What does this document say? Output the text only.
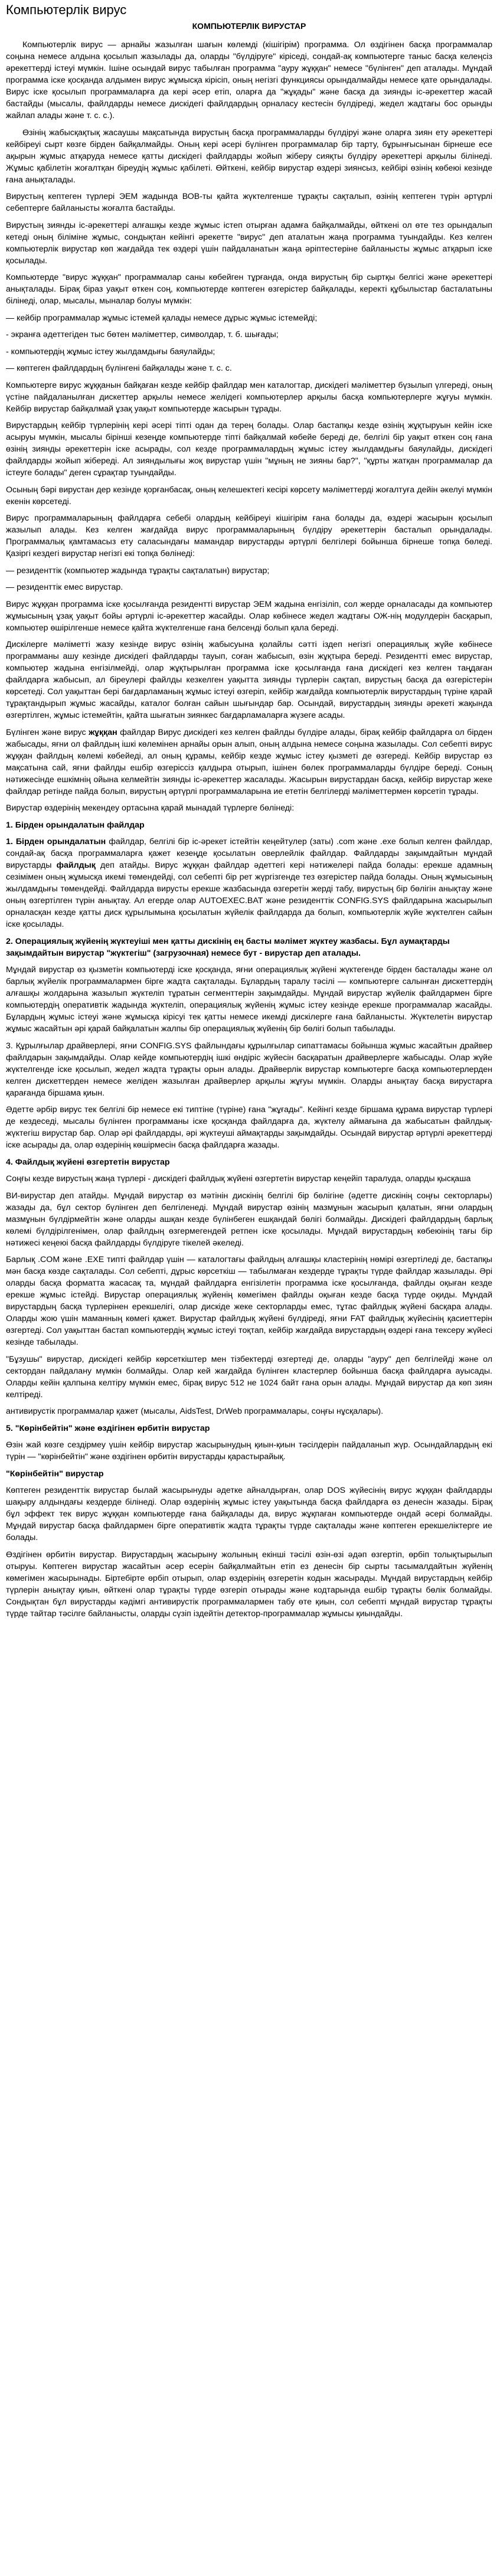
Компьютерлік вирус
КОМПЬЮТЕРЛІК ВИРУСТАР

Компьютерлік вирус — арнайы жазылған шағын көлемді (кішігірім) программа. Ол өздігінен басқа программалар соңына немесе алдына қосылып жазылады да, оларды "бүлдіруге" кіріседі, сондай-ақ компьютерге таныс басқа келеңсіз әрекеттерді істеуі мүмкін. Ішіне осындай вирус табылған программа "ауру жұққан" немесе "бүлінген" деп аталады. Мұндай программа іске қосқанда алдымен вирус жұмысқа кірісіп, оның негізгі функциясы орындалмайды немесе қате орындалады. Вирус іске қосылып программаларға да кері әсер етіп, оларға да "жұқады" және басқа да зиянды іс-әрекеттер жасай бастайды (мысалы, файлдарды немесе дискідегі файлдардың орналасу кестесін бүлдіреді, жедел жадтағы бос орынды жайлап алады және т. с. с.).

Өзінің жабысқақтық жасаушы мақсатында вирустың басқа программаларды бүлдіруі және оларға зиян ету әрекеттері кейбіреуі сырт көзге бірден байқалмайды. Оның кері әсері бүлінген программалар бір тарту, бұрынғысынан бірнеше есе ақырын жұмыс атқаруда немесе қатты дискідегі файлдарды жойып жіберу сияқты бүлдіру әрекеттері арқылы білінеді. Жұмыс қабілетін жоғалтқан біреудің жұмыс қабілеті. Өйткені, кейбір вирустар өздері зиянсыз, кейбірі өзінің көбеюі кезінде ғана анықталады.

Вирустың кептеген түрлері ЭЕМ жадында ВОВ-ты қайта жүктелгенше тұрақты сақталып, өзінің кептеген түрін әртүрлі себептерге байланысты жоғалта бастайды.

Вирустың зиянды іс-әрекеттері алғашқы кезде жұмыс істеп отырған адамға байқалмайды, өйткені ол өте тез орындалып кетеді оның біліміне жұмыс, сондықтан кейінгі әрекетте "вирус" деп аталатын жаңа программа туындайды. Кез келген компьютерлік вирустар көп жағдайда тек өздері үшін пайдаланатын жаңа әріптестеріне байланысты жұмыс атқарып іске қосылады.

Компьютерде "вирус жұққан" программалар саны көбейген тұрғанда, онда вирустың бір сыртқы белгісі және әрекеттері анықталады. Бірақ біраз уақыт өткен соң, компьютерде көптеген өзгерістер байқалады, керекті құбылыстар басталатыны білінеді, олар, мысалы, мыналар болуы мүмкін:

— кейбір программалар жұмыс істемей қалады немесе дұрыс жұмыс істемейді;

- экранға әдеттегіден тыс бөтен мәліметтер, символдар, т. б. шығады;

- компьютердің жұмыс істеу жылдамдығы баяулайды;

— көптеген файлдардың бүлінгені байқалады және т. с. с.

Компьютерге вирус жұққанын байқаған кезде кейбір файлдар мен каталогтар, дискідегі мәліметтер бүзылып үлгереді, оның үстіне пайдаланылған дискеттер арқылы немесе желідегі компьютерлер арқылы басқа компьютерлерге жұғуы мүмкін. Кейбір вирустар байқалмай ұзақ уақыт компьютерде жасырын тұрады.

Вирустардың кейбір түрлерінің кері әсері тіпті одан да терең болады. Олар бастапқы кезде өзінің жұқтыруын кейін іске асыруы мүмкін, мысалы бірінші кезеңде компьютерде тіпті байқалмай көбейе береді де, белгілі бір уақыт өткен соң ғана өзінің зиянды әрекеттерін іске асырады, сол кезде программалардың жұмыс істеу жылдамдығы баяулайды, дискідегі файлдарды жойып жібереді. Ал зияндылығы жоқ вирустар үшін "мұның не зияны бар?", "құрты жатқан программалар да істеуге болады" деген сұрақтар туындайды.

Осының бәрі вирустан дер кезінде қорғанбасақ, оның келешектегі кесірі көрсету мәліметтерді жоғалтуға дейін әкелуі мүмкін екенін көрсетеді.

Вирус программаларының файлдарға себебі олардың кейбіреуі кішігірім ғана болады да, өздері жасырын қосылып жазылып алады. Кез келген жағдайда вирус программаларының бүлдіру әрекеттерін басталып орындалады. Программалық қамтамасыз ету саласындағы мамандар вирустарды әртүрлі белгілері бойынша бірнеше топқа бөледі. Қазіргі кездегі вирустар негізгі екі топқа бөлінеді:

— резиденттік (компьютер жадында тұрақты сақталатын) вирустар;

— резиденттік емес вирустар.

Вирус жұққан программа іске қосылғанда резидентті вирустар ЭЕМ жадына енгізіліп, сол жерде орналасады да компьютер жұмысының ұзақ уақыт бойы әртүрлі іс-әрекеттер жасайды. Олар көбінесе жедел жадтағы ОЖ-нің модулдерін басқарып, компьютер өшірілгенше немесе қайта жүктелгенше ғана белсенді болып қала береді.

Дискілерге мәліметті жазу кезінде вирус өзінің жабысуына қолайлы сәтті іздеп негізгі операциялық жүйе көбінесе программаны ашу кезінде дискідегі файлдарды тауып, соған жабысып, өзін жұқтыра береді. Резидентті емес вирустар, компьютер жадына енгізілмейді, олар жұқтырылған программа іске қосылғанда ғана дискідегі кез келген таңдаған файлдарға жабысып, ал біреулері файлды кезкелген уақытта зиянды түрлерін сақтап, вирустың басқа да өзгерістерін көрсетеді. Сол уақыттан бері бағдарламаның жұмыс істеуі өзгеріп, кейбір жағдайда компьютерлік вирустардың түріне қарай тұрақтандырып жұмыс жасайды, каталог болған сайын шығындар бар. Осындай, вирустардың зиянды әрекеті жақында өзгертілген, жұмыс істемейтін, қайта шығатын зиянкес бағдарламаларға жүзеге асады.

Бүлінген және вирус жұққан файлдар Вирус дискідегі кез келген файлды бүлдіре алады, бірақ кейбір файлдарға ол бірден жабысады, яғни ол файлдың ішкі көлемінен арнайы орын алып, оның алдына немесе соңына жазылады. Сол себепті вирус жұққан файлдың көлемі көбейеді, ал оның құрамы, кейбір кезде жұмыс істеу қызметі де өзгереді. Кейбір вирустар өз мақсатына сай, яғни файлды ешбір өзгеріссіз қалдыра отырып, ішінен бөлек программаларды бүлдіре береді. Соның нәтижесінде ешкімнің ойына келмейтін зиянды іс-әрекеттер жасалады. Жасырын вирустардан басқа, кейбір вирустар жеке файлдар ретінде пайда болып, вирустың әртүрлі программаларына ие ететін белгілерді мәліметтермен көрсетіп тұрады.

Вирустар өздерінің мекендеу ортасына қарай мынадай түрлерге бөлінеді:

1. Бірден орындалатын файлдар

1. Бірден орындалатын файлдар, белгілі бір іс-әрекет істейтін кеңейтулер (заты) .com және .exe болып келген файлдар, сондай-ақ басқа программаларға қажет кезеңде қосылатын оверлейлік файлдар. Файлдарды зақымдайтын мұндай вирустарды файлдық деп атайды. Вирус жұққан файлдар әдеттегі кері нәтижелері пайда болады: ерекше адамның сезімімен оның жұмысқа икемі төмендейді, сол себепті бір рет жүргізгенде тез өзгерістер пайда болады. Оның жұмысының жылдамдығы төмендейді. Файлдарда вирусты ерекше жазбасында өзгеретін жерді табу, вирустың бір бөлігін анықтау және оның өзгертілген түрін анықтау. Ал егерде олар AUTOEXEC.BAT және резиденттік CONFIG.SYS файлдарына жасырылып орналасқан кезде қатты диск құрылымына қосылатын жүйелік файлдарда да болып, компьютерлік жүйе жүктелген сайын іске қосылады.

2. Операциялық жүйенің жүктеуіші мен қатты дискінің ең басты мәлімет жүктеу жазбасы. Бұл аумақтарды зақымдайтын вирустар "жүктегіш" (загрузочная) немесе бут - вирустар деп аталады.

Мұндай вирустар өз қызметін компьютерді іске қосқанда, яғни операциялық жүйені жүктегенде бірден басталады және ол барлық жүйелік программалармен бірге жадта сақталады. Бұлардың таралу тәсілі — компьютерге салынған дискеттердің алғашқы жолдарына жазылып жүктеліп тұратын сегменттерін зақымдайды. Мұндай вирустар жүйелік файлдармен бірге компьютердің оперативтік жадында жүктеліп, операциялық жүйенің жұмыс істеу кезінде ерекше программалар жасайды. Бұлардың жұмыс істеуі және жұмысқа кірісуі тек қатты немесе икемді дискілерге ғана байланысты. Жүктелетін вирустар жұмыс жасайтын әрі қарай байқалатын жалпы бір операциялық жүйенің бір бөлігі болып табылады.

3. Құрылғылар драйверлері, яғни CONFIG.SYS файлындағы құрылғылар сипаттамасы бойынша жұмыс жасайтын драйвер файлдарын зақымдайды. Олар кейде компьютердің ішкі өндіріс жүйесін басқаратын драйверлерге жабысады. Олар жүйе жүктелгенде іске қосылып, жедел жадта тұрақты орын алады. Драйверлік вирустар компьютерге басқа компьютерлерден келген дискеттерден немесе желіден жазылған драйверлер арқылы жұғуы мүмкін. Оларды анықтау басқа вирустарға қарағанда біршама қиын.

Әдетте әрбір вирус тек белгілі бір немесе екі типтіне (түріне) ғана "жұғады". Кейінгі кезде біршама құрама вирустар түрлері де кездеседі, мысалы бүлінген программаны іске қосқанда файлдарға да, жүктелу аймағына да жабысатын файлдық-жүктегіш вирустар бар. Олар әрі файлдарды, әрі жүктеуші аймақтарды зақымдайды. Осындай вирустар әртүрлі әрекеттерді іске асырады да, олар өздерінің көшірмесін басқа файлдарға жазады.

4. Файлдық жүйені өзгертетін вирустар

Соңғы кезде вирустың жаңа түрлері - дискідегі файлдық жүйені өзгертетін вирустар кеңейіп таралуда, оларды қысқаша

ВИ-вирустар деп атайды. Мұндай вирустар өз мәтінін дискінің белгілі бір бөлігіне (әдетте дискінің соңғы секторлары) жазады да, бұл сектор бүлінген деп белгіленеді. Мұндай вирустар өзінің мазмұнын жасырып қалатын, яғни олардың мазмұнын бүлдірмейтін және оларды ашқан кезде бүлінбеген ешқандай бөлігі болмайды. Дискідегі файлдардың барлық көлемі бүлдірілгенімен, олар файлдың өзгермегендей ретпен іске қосылады. Мұндай вирустардың көбеюінің тағы бір нәтижесі кеңеюі басқа файлдарды бүлдіруге тікелей әкеледі.

Барлық .COM және .EXE типті файлдар үшін — каталогтағы файлдың алғашқы кластерінің нөмірі өзгертіледі де, бастапқы мән басқа көзде сақталады. Сол себепті, дұрыс көрсеткіш — табылмаған кездерде тұрақты түрде файлдар жазылады. Әрі оларды басқа форматта жасасақ та, мұндай файлдарға енгізілетін программа іске қосылғанда, файлды оқыған кезде ерекше жұмыс істейді. Вирустар операциялық жүйенің көмегімен файлды оқыған кезде басқа түрде оқиды. Мұндай вирустардың басқа түрлерінен ерекшелігі, олар дискіде жеке секторларды емес, тұтас файлдық жүйені басқара алады. Оларды жою үшін маманның көмегі қажет. Вирустар файлдық жүйені бүлдіреді, яғни FAT файлдық жүйесінің қасиеттерін өзгертеді. Сол уақыттан бастап компьютердің жұмыс істеуі тоқтап, кейбір жағдайда вирустардың өздері ғана тексеру жүйесі кезінде табылады.

"Бұзушы" вирустар, дискідегі кейбір көрсеткіштер мен тізбектерді өзгертеді де, оларды "ауру" деп белгілейді және ол сектордан пайдалану мүмкін болмайды. Олар кей жағдайда бүлінген кластерлер бойынша басқа файлдарға ауысады. Оларды кейін қалпына келтіру мүмкін емес, бірақ вирус 512 не 1024 байт ғана орын алады. Мұндай вирустар да көп зиян келтіреді.

антивирустік программалар қажет (мысалы, AidsTest, DrWeb программалары, соңғы нұсқалары).

5. "Көрінбейтін" және өздігінен өрбитін вирустар

Өзін жай көзге сездірмеу үшін кейбір вирустар жасырынудың қиын-қиын тәсілдерін пайдаланып жүр. Осындайлардың екі түрін — "көрінбейтін" және өздігінен өрбитін вирустарды қарастырайық.

"Көрінбейтін" вирустар

Көптеген резиденттік вирустар былай жасырынуды әдетке айналдырған, олар DOS жүйесінің вирус жұққан файлдарды шақыру алдындағы кездерде білінеді. Олар өздерінің жұмыс істеу уақытында басқа файлдарға өз денесін жазады. Бірақ бұл эффект тек вирус жұққан компьютерде ғана байқалады да, вирус жұқпаған компьютерде ондай әсері болмайды. Мұндай вирустар басқа файлдармен бірге оперативтік жадта тұрақты түрде сақталады және көптеген ерекшеліктерге ие болады.

Өздігінен өрбитін вирустар. Вирустардың жасырыну жолының екінші тәсілі өзін-өзі әдәп өзгертіп, өрбіп толықтырылып отыруы. Көптеген вирустар жасайтын әсер есерін байқалмайтын етіп ез денесін бір сырты тасымалдайтын жүйенің көмегімен жасырынады. Біртебірте өрбіп отырып, олар өздерінің өзгеретін кодын жасырады. Мұндай вирустардың кейбір түрлерін анықтау қиын, өйткені олар тұрақты түрде өзгеріп отырады және кодтарында ешбір тұрақты бөлік болмайды. Сондықтан бұл вирустарды кәдімгі антивирустік программалармен табу өте қиын, сол себепті мұндай вирустар тұрақты түрде тайтар тәсілге байланысты, оларды сүзіп іздейтін детектор-программалар жұмысы қиындайды.
